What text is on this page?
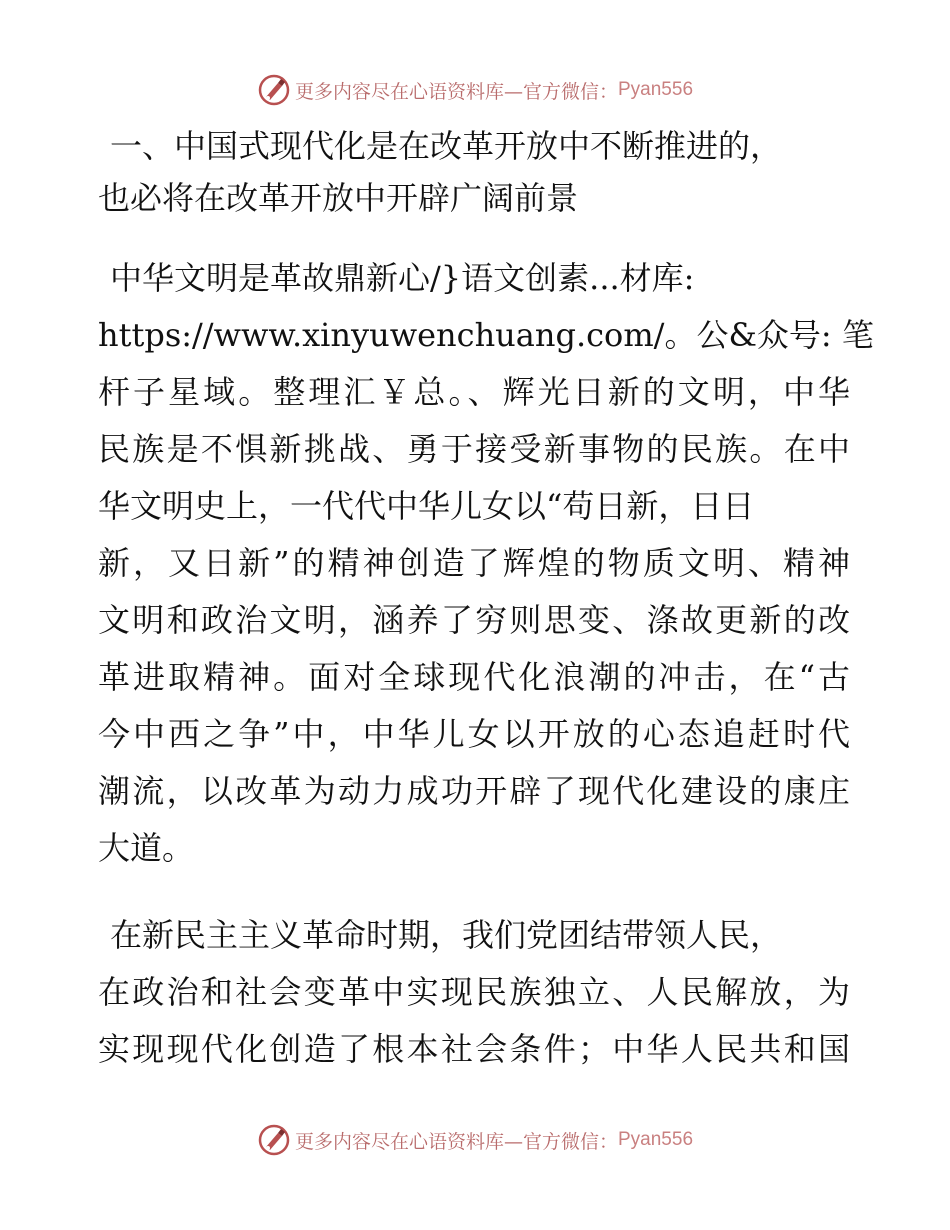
更多内容尽在心语资料库—官方微信： Pyan556
一、中国式现代化是在改革开放中不断推进的，
也必将在改革开放中开辟广阔前景
中华文明是革故鼎新心/}语文创素...材库:
https://www.xinyuwenchuang.com/。公&众号: 笔
杆子星域。整理汇￥总。、辉光日新的文明，中华
民族是不惧新挑战、勇于接受新事物的民族。在中
华文明史上，一代代中华儿女以“苟日新，日日
新，又日新”的精神创造了辉煌的物质文明、精神
文明和政治文明，涵养了穷则思变、涤故更新的改
革进取精神。面对全球现代化浪潮的冲击，在“古
今中西之争”中，中华儿女以开放的心态追赶时代
潮流，以改革为动力成功开辟了现代化建设的康庄
大道。
在新民主主义革命时期，我们党团结带领人民，
在政治和社会变革中实现民族独立、人民解放，为
实现现代化创造了根本社会条件；中华人民共和国
更多内容尽在心语资料库—官方微信： Pyan556
